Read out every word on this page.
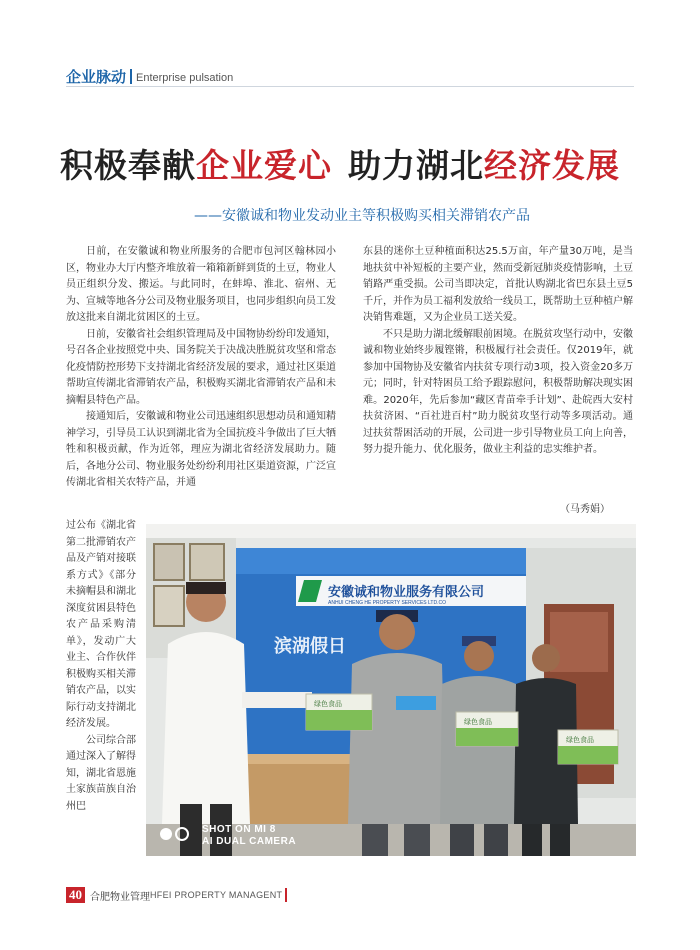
企业脉动 Enterprise pulsation
积极奉献企业爱心 助力湖北经济发展
——安徽诚和物业发动业主等积极购买相关滞销农产品

日前，在安徽诚和物业所服务的合肥市包河区翰林园小区，物业办大厅内整齐堆放着一箱箱新鲜到货的土豆，物业人员正组织分发、搬运。与此同时，在蚌埠、淮北、宿州、无为、宣城等地各分公司及物业服务项目，也同步组织向员工发放这批来自湖北贫困区的土豆。

日前，安徽省社会组织管理局及中国物协纷纷印发通知，号召各企业按照党中央、国务院关于决战决胜脱贫攻坚和常态化疫情防控形势下支持湖北省经济发展的要求，通过社区渠道帮助宣传湖北省滞销农产品，积极购买湖北省滞销农产品和未摘帽县特色产品。

接通知后，安徽诚和物业公司迅速组织思想动员和通知精神学习，引导员工认识到湖北省为全国抗疫斗争做出了巨大牺牲和积极贡献，作为近邻，理应为湖北省经济发展助力。随后，各地分公司、物业服务处纷纷利用社区渠道资源，广泛宣传湖北省相关农特产品，并通

过公布《湖北省第二批滞销农产品及产销对接联系方式》《部分未摘帽县和湖北深度贫困县特色农产品采购清单》，发动广大业主、合作伙伴积极购买相关滞销农产品，以实际行动支持湖北经济发展。

公司综合部通过深入了解得知，湖北省恩施土家族苗族自治州巴

东县的迷你土豆种植面积达25.5万亩，年产量30万吨，是当地扶贫中补短板的主要产业，然而受新冠肺炎疫情影响，土豆销路严重受损。公司当即决定，首批认购湖北省巴东县土豆5千斤，并作为员工福利发放给一线员工，既帮助土豆种植户解决销售难题，又为企业员工送关爱。

不只是助力湖北缓解眼前困境。在脱贫攻坚行动中，安徽诚和物业始终步履铿锵，积极履行社会责任。仅2019年，就参加中国物协及安徽省内扶贫专项行动3项，投入资金20多万元；同时，针对特困员工给予跟踪慰问，积极帮助解决现实困难。2020年，先后参加“藏区青苗牵手计划”、赴皖西大安村扶贫济困、“百社进百村”助力脱贫攻坚行动等多项活动。通过扶贫帮困活动的开展，公司进一步引导物业员工向上向善，努力提升能力、优化服务，做业主利益的忠实维护者。

（马秀娟）
安徽诚和物业服务有限公司
ANHUI CHENG HE PROPERTY SERVICES LTD.CO
滨湖假日
绿色食品
绿色食品
绿色食品
SHOT ON MI 8
AI DUAL CAMERA
40 合肥物业管理 HFEI PROPERTY MANAGENT
